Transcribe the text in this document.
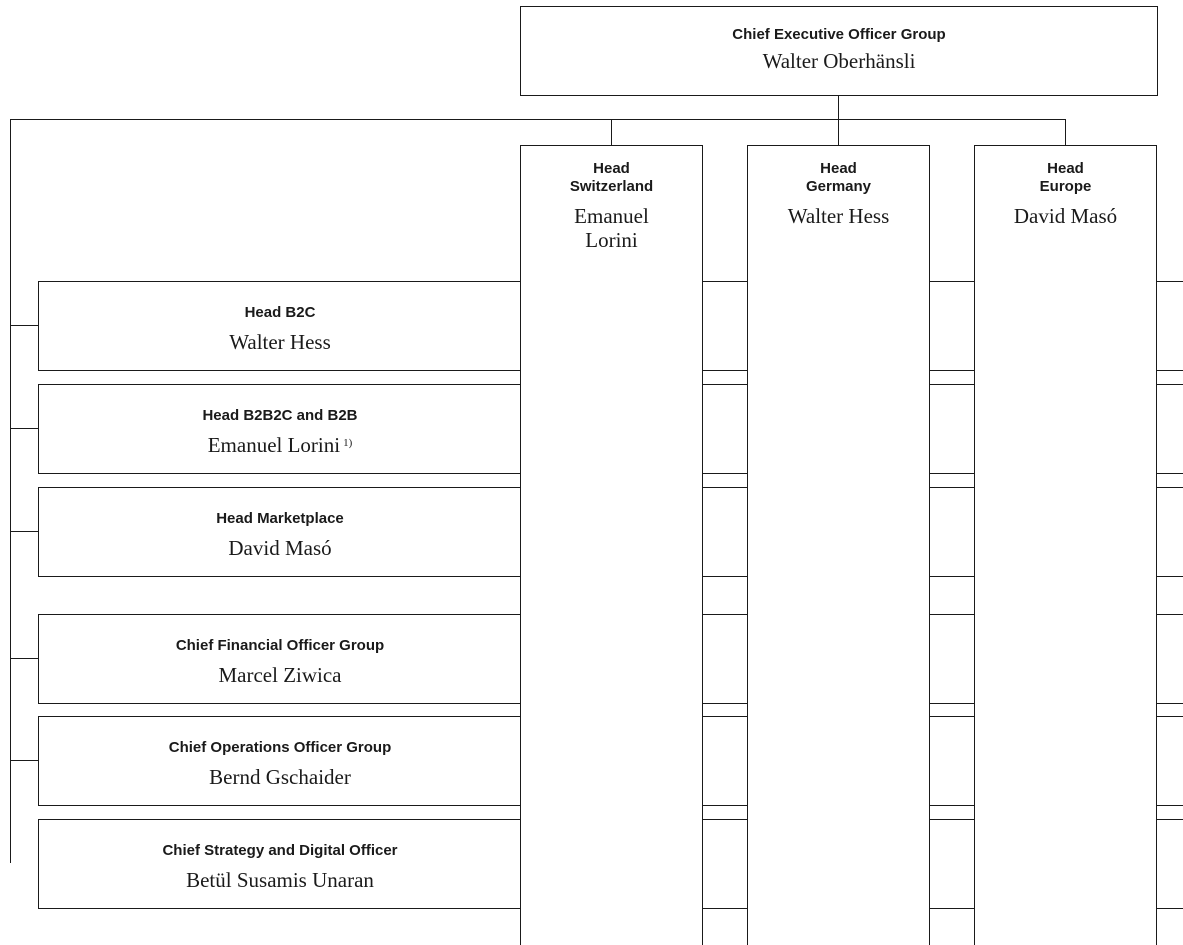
Head B2C
Walter Hess
Head B2B2C and B2B
Emanuel Lorini $^{1)}$
Head Marketplace
David Masó
Chief Financial Officer Group
Marcel Ziwica
Chief Operations Officer Group
Bernd Gschaider
Chief Strategy and Digital Officer
Betül Susamis Unaran
Chief Executive Officer Group
Walter Oberhänsli
Head
Switzerland
Emanuel
Lorini
Head
Germany
Walter Hess
Head
Europe
David Masó
